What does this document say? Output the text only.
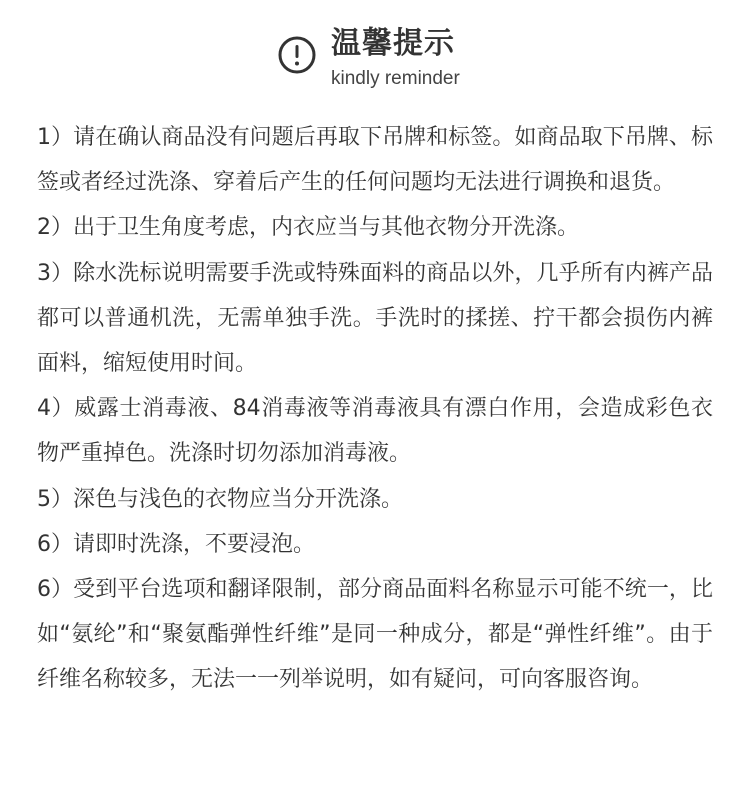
温馨提示
kindly reminder
1）请在确认商品没有问题后再取下吊牌和标签。如商品取下吊牌、标签或者经过洗涤、穿着后产生的任何问题均无法进行调换和退货。
2）出于卫生角度考虑，内衣应当与其他衣物分开洗涤。
3）除水洗标说明需要手洗或特殊面料的商品以外，几乎所有内裤产品都可以普通机洗，无需单独手洗。手洗时的揉搓、拧干都会损伤内裤面料，缩短使用时间。
4）威露士消毒液、84消毒液等消毒液具有漂白作用，会造成彩色衣物严重掉色。洗涤时切勿添加消毒液。
5）深色与浅色的衣物应当分开洗涤。
6）请即时洗涤，不要浸泡。
6）受到平台选项和翻译限制，部分商品面料名称显示可能不统一，比如“氨纶”和“聚氨酯弹性纤维”是同一种成分，都是“弹性纤维”。由于纤维名称较多，无法一一列举说明，如有疑问，可向客服咨询。
